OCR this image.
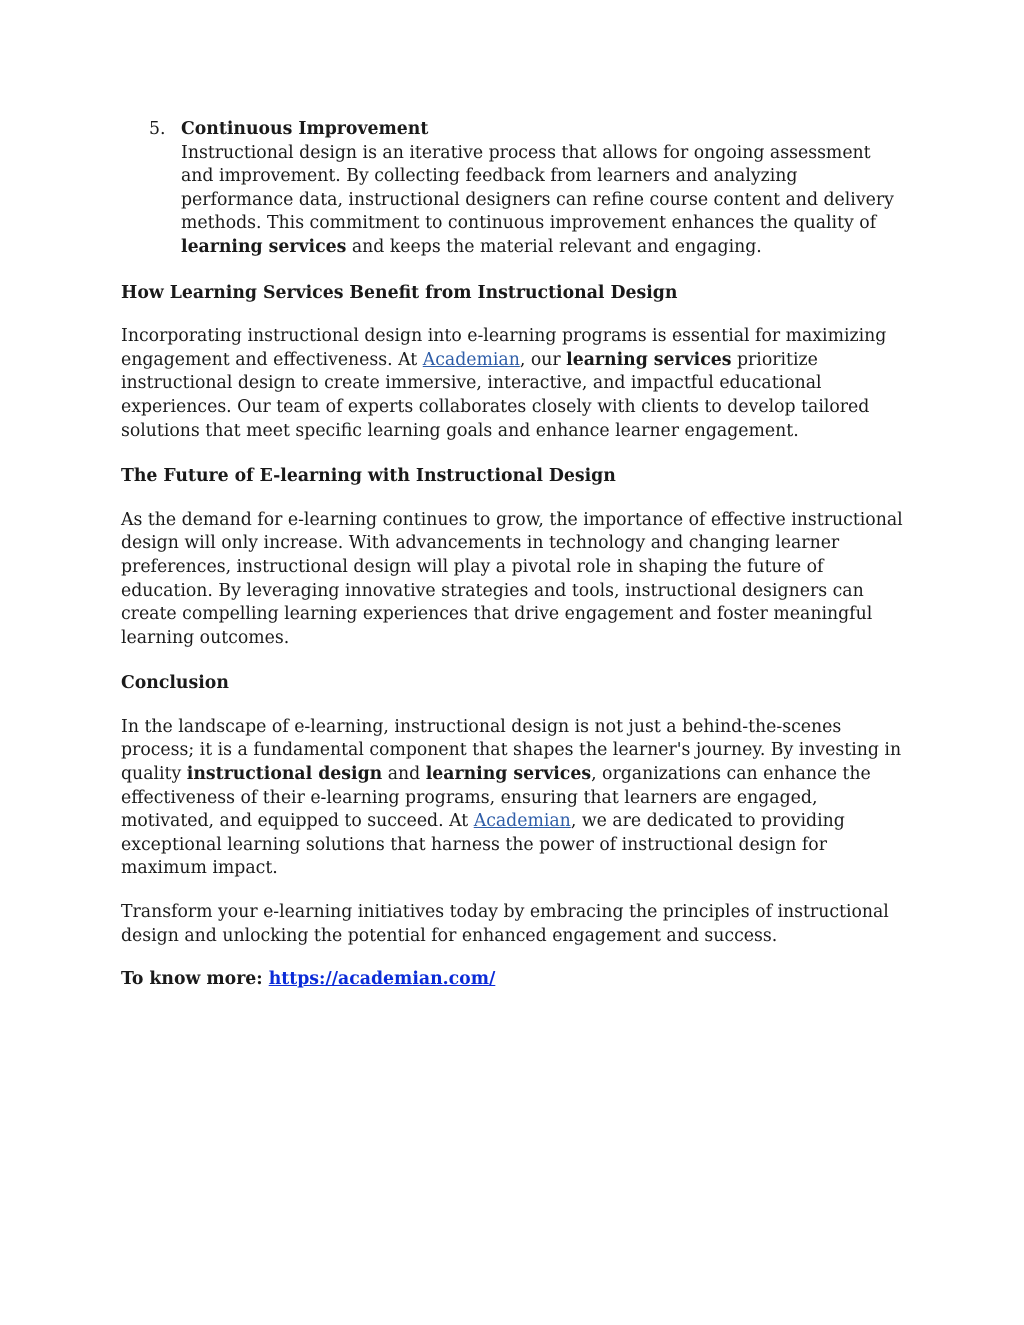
5. Continuous Improvement
Instructional design is an iterative process that allows for ongoing assessment and improvement. By collecting feedback from learners and analyzing performance data, instructional designers can refine course content and delivery methods. This commitment to continuous improvement enhances the quality of learning services and keeps the material relevant and engaging.
How Learning Services Benefit from Instructional Design

Incorporating instructional design into e-learning programs is essential for maximizing engagement and effectiveness. At Academian, our learning services prioritize instructional design to create immersive, interactive, and impactful educational experiences. Our team of experts collaborates closely with clients to develop tailored solutions that meet specific learning goals and enhance learner engagement.

The Future of E-learning with Instructional Design

As the demand for e-learning continues to grow, the importance of effective instructional design will only increase. With advancements in technology and changing learner preferences, instructional design will play a pivotal role in shaping the future of education. By leveraging innovative strategies and tools, instructional designers can create compelling learning experiences that drive engagement and foster meaningful learning outcomes.

Conclusion

In the landscape of e-learning, instructional design is not just a behind-the-scenes process; it is a fundamental component that shapes the learner's journey. By investing in quality instructional design and learning services, organizations can enhance the effectiveness of their e-learning programs, ensuring that learners are engaged, motivated, and equipped to succeed. At Academian, we are dedicated to providing exceptional learning solutions that harness the power of instructional design for maximum impact.

Transform your e-learning initiatives today by embracing the principles of instructional design and unlocking the potential for enhanced engagement and success.

To know more: https://academian.com/
